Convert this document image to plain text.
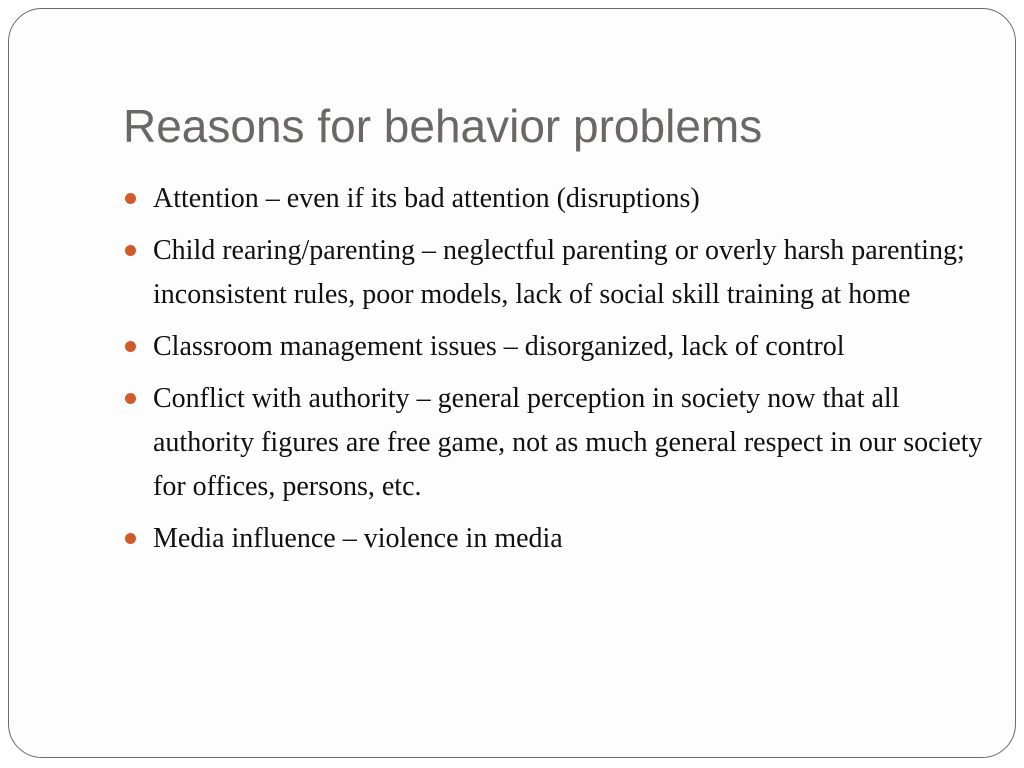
Reasons for behavior problems
Attention – even if its bad attention (disruptions)
Child rearing/parenting – neglectful parenting or overly harsh parenting; inconsistent rules, poor models, lack of social skill training at home
Classroom management issues – disorganized, lack of control
Conflict with authority – general perception in society now that all authority figures are free game, not as much general respect in our society for offices, persons, etc.
Media influence – violence in media
